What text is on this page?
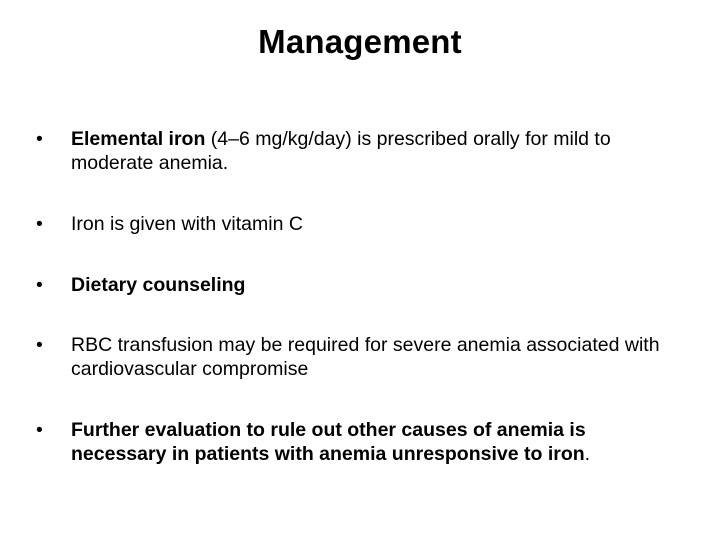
Management
•	Elemental iron (4–6 mg/kg/day) is prescribed orally for mild to moderate anemia.
•	Iron is given with vitamin C
•	Dietary counseling
•	RBC transfusion may be required for severe anemia associated with cardiovascular compromise
•	Further evaluation to rule out other causes of anemia is necessary in patients with anemia unresponsive to iron.
